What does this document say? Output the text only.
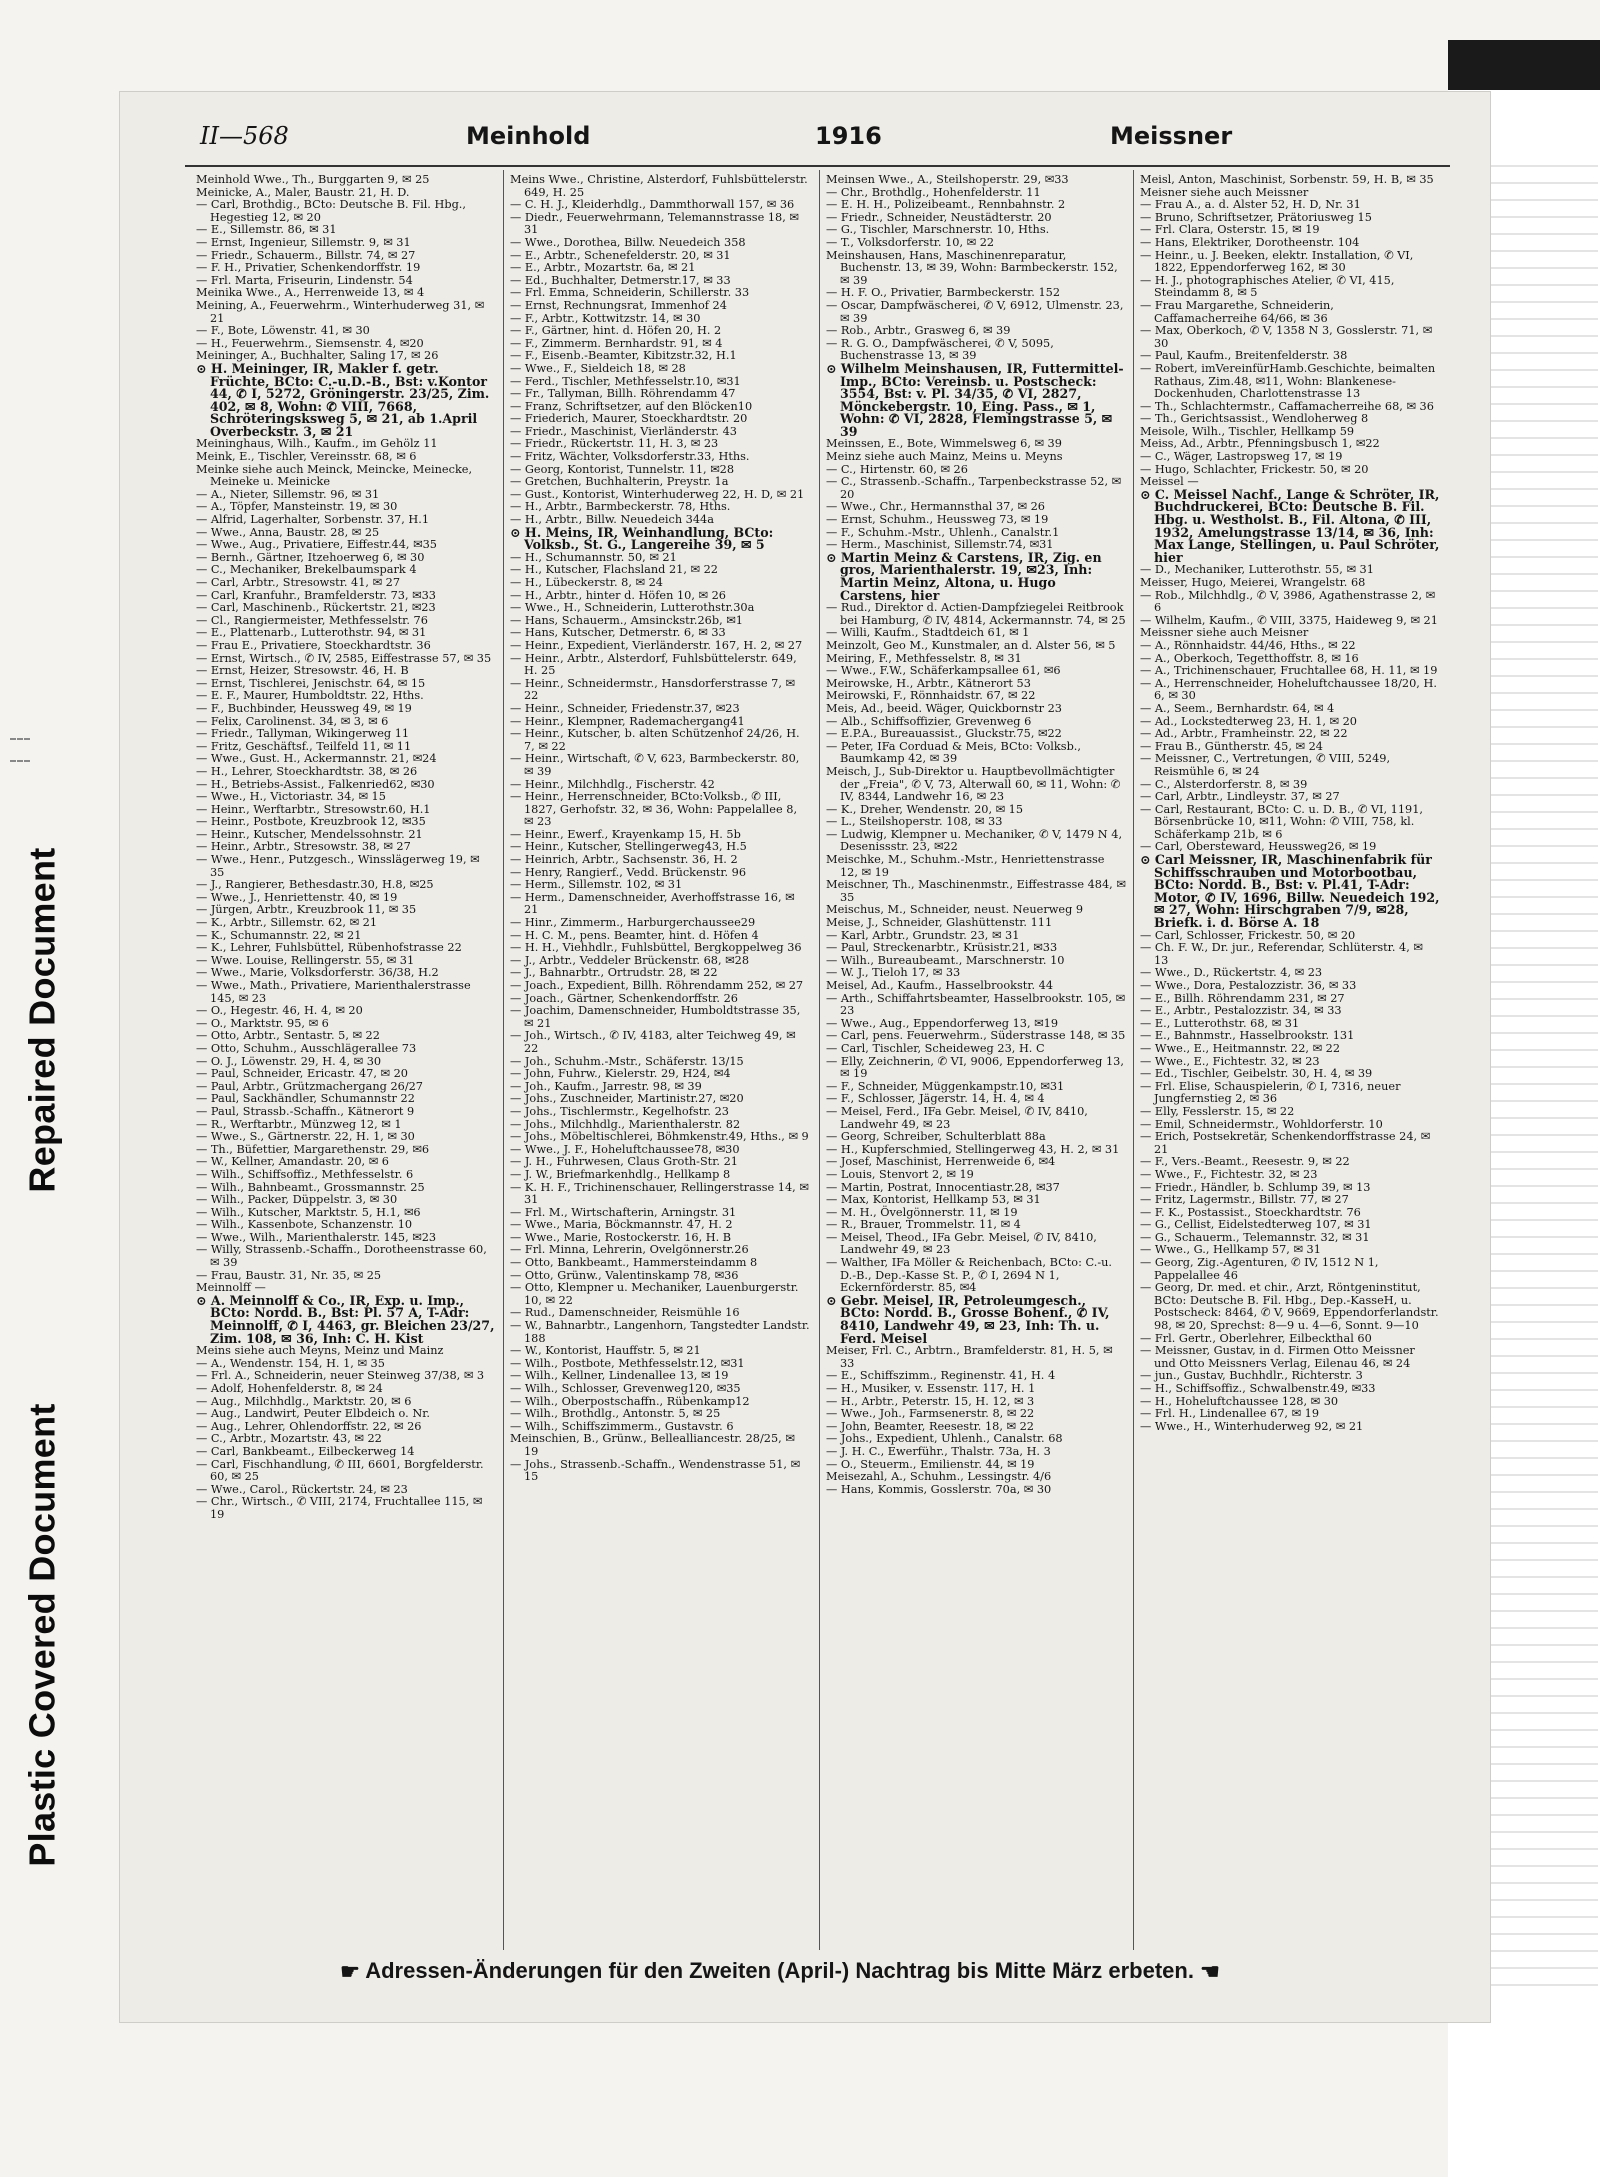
Plastic Covered Document
Repaired Document
II—568	Meinhold	1916	Meissner

Meinhold Wwe., Th., Burggarten 9, ✉ 25

Meinicke, A., Maler, Baustr. 21, H. D.

— Carl, Brothdig., BCto: Deutsche B. Fil. Hbg., Hegestieg 12, ✉ 20

— E., Sillemstr. 86, ✉ 31

— Ernst, Ingenieur, Sillemstr. 9, ✉ 31

— Friedr., Schauerm., Billstr. 74, ✉ 27

— F. H., Privatier, Schenkendorffstr. 19

— Frl. Marta, Friseurin, Lindenstr. 54

Meinika Wwe., A., Herrenweide 13, ✉ 4

Meining, A., Feuerwehrm., Winterhuderweg 31, ✉ 21

— F., Bote, Löwenstr. 41, ✉ 30

— H., Feuerwehrm., Siemsenstr. 4, ✉20

Meininger, A., Buchhalter, Saling 17, ✉ 26

⊙ H. Meininger, IR, Makler f. getr. Früchte, BCto: C.-u.D.-B., Bst: v.Kontor 44, ✆ I, 5272, Gröningerstr. 23/25, Zim. 402, ✉ 8, Wohn: ✆ VIII, 7668, Schröteringsksweg 5, ✉ 21, ab 1.April Overbeckstr. 3, ✉ 21

Meininghaus, Wilh., Kaufm., im Gehölz 11

Meink, E., Tischler, Vereinsstr. 68, ✉ 6

Meinke siehe auch Meinck, Meincke, Meinecke, Meineke u. Meinicke

— A., Nieter, Sillemstr. 96, ✉ 31

— A., Töpfer, Mansteinstr. 19, ✉ 30

— Alfrid, Lagerhalter, Sorbenstr. 37, H.1

— Wwe., Anna, Baustr. 28, ✉ 25

— Wwe., Aug., Privatiere, Eiffestr.44, ✉35

— Bernh., Gärtner, Itzehoerweg 6, ✉ 30

— C., Mechaniker, Brekelbaumspark 4

— Carl, Arbtr., Stresowstr. 41, ✉ 27

— Carl, Kranfuhr., Bramfelderstr. 73, ✉33

— Carl, Maschinenb., Rückertstr. 21, ✉23

— Cl., Rangiermeister, Methfesselstr. 76

— E., Plattenarb., Lutterothstr. 94, ✉ 31

— Frau E., Privatiere, Stoeckhardtstr. 36

— Ernst, Wirtsch., ✆ IV, 2585, Eiffestrasse 57, ✉ 35

— Ernst, Heizer, Stresowstr. 46, H. B

— Ernst, Tischlerei, Jenischstr. 64, ✉ 15

— E. F., Maurer, Humboldtstr. 22, Hths.

— F., Buchbinder, Heussweg 49, ✉ 19

— Felix, Carolinenst. 34, ✉ 3, ✉ 6

— Friedr., Tallyman, Wikingerweg 11

— Fritz, Geschäftsf., Teilfeld 11, ✉ 11

— Wwe., Gust. H., Ackermannstr. 21, ✉24

— H., Lehrer, Stoeckhardtstr. 38, ✉ 26

— H., Betriebs-Assist., Falkenried62, ✉30

— Wwe., H., Victoriastr. 34, ✉ 15

— Heinr., Werftarbtr., Stresowstr.60, H.1

— Heinr., Postbote, Kreuzbrook 12, ✉35

— Heinr., Kutscher, Mendelssohnstr. 21

— Heinr., Arbtr., Stresowstr. 38, ✉ 27

— Wwe., Henr., Putzgesch., Winsslägerweg 19, ✉ 35

— J., Rangierer, Bethesdastr.30, H.8, ✉25

— Wwe., J., Henriettenstr. 40, ✉ 19

— Jürgen, Arbtr., Kreuzbrook 11, ✉ 35

— K., Arbtr., Sillemstr. 62, ✉ 21

— K., Schumannstr. 22, ✉ 21

— K., Lehrer, Fuhlsbüttel, Rübenhofstrasse 22

— Wwe. Louise, Rellingerstr. 55, ✉ 31

— Wwe., Marie, Volksdorferstr. 36/38, H.2

— Wwe., Math., Privatiere, Marienthalerstrasse 145, ✉ 23

— O., Hegestr. 46, H. 4, ✉ 20

— O., Marktstr. 95, ✉ 6

— Otto, Arbtr., Sentastr. 5, ✉ 22

— Otto, Schuhm., Ausschlägerallee 73

— O. J., Löwenstr. 29, H. 4, ✉ 30

— Paul, Schneider, Ericastr. 47, ✉ 20

— Paul, Arbtr., Grützmachergang 26/27

— Paul, Sackhändler, Schumannstr 22

— Paul, Strassb.-Schaffn., Kätnerort 9

— R., Werftarbtr., Münzweg 12, ✉ 1

— Wwe., S., Gärtnerstr. 22, H. 1, ✉ 30

— Th., Büfettier, Margarethenstr. 29, ✉6

— W., Kellner, Amandastr. 20, ✉ 6

— Wilh., Schiffsoffiz., Methfesselstr. 6

— Wilh., Bahnbeamt., Grossmannstr. 25

— Wilh., Packer, Düppelstr. 3, ✉ 30

— Wilh., Kutscher, Marktstr. 5, H.1, ✉6

— Wilh., Kassenbote, Schanzenstr. 10

— Wwe., Wilh., Marienthalerstr. 145, ✉23

— Willy, Strassenb.-Schaffn., Dorotheenstrasse 60, ✉ 39

— Frau, Baustr. 31, Nr. 35, ✉ 25

Meinnolff —

⊙ A. Meinnolff & Co., IR, Exp. u. Imp., BCto: Nordd. B., Bst: Pl. 57 A, T-Adr: Meinnolff, ✆ I, 4463, gr. Bleichen 23/27, Zim. 108, ✉ 36, Inh: C. H. Kist

Meins siehe auch Meyns, Meinz und Mainz

— A., Wendenstr. 154, H. 1, ✉ 35

— Frl. A., Schneiderin, neuer Steinweg 37/38, ✉ 3

— Adolf, Hohenfelderstr. 8, ✉ 24

— Aug., Milchhdlg., Marktstr. 20, ✉ 6

— Aug., Landwirt, Peuter Elbdeich o. Nr.

— Aug., Lehrer, Ohlendorffstr. 22, ✉ 26

— C., Arbtr., Mozartstr. 43, ✉ 22

— Carl, Bankbeamt., Eilbeckerweg 14

— Carl, Fischhandlung, ✆ III, 6601, Borgfelderstr. 60, ✉ 25

— Wwe., Carol., Rückertstr. 24, ✉ 23

— Chr., Wirtsch., ✆ VIII, 2174, Fruchtallee 115, ✉ 19

Meins Wwe., Christine, Alsterdorf, Fuhlsbüttelerstr. 649, H. 25

— C. H. J., Kleiderhdlg., Dammthorwall 157, ✉ 36

— Diedr., Feuerwehrmann, Telemannstrasse 18, ✉ 31

— Wwe., Dorothea, Billw. Neuedeich 358

— E., Arbtr., Schenefelderstr. 20, ✉ 31

— E., Arbtr., Mozartstr. 6a, ✉ 21

— Ed., Buchhalter, Detmerstr.17, ✉ 33

— Frl. Emma, Schneiderin, Schillerstr. 33

— Ernst, Rechnungsrat, Immenhof 24

— F., Arbtr., Kottwitzstr. 14, ✉ 30

— F., Gärtner, hint. d. Höfen 20, H. 2

— F., Zimmerm. Bernhardstr. 91, ✉ 4

— F., Eisenb.-Beamter, Kibitzstr.32, H.1

— Wwe., F., Sieldeich 18, ✉ 28

— Ferd., Tischler, Methfesselstr.10, ✉31

— Fr., Tallyman, Billh. Röhrendamm 47

— Franz, Schriftsetzer, auf den Blöcken10

— Friederich, Maurer, Stoeckhardtstr. 20

— Friedr., Maschinist, Vierländerstr. 43

— Friedr., Rückertstr. 11, H. 3, ✉ 23

— Fritz, Wächter, Volksdorferstr.33, Hths.

— Georg, Kontorist, Tunnelstr. 11, ✉28

— Gretchen, Buchhalterin, Preystr. 1a

— Gust., Kontorist, Winterhuderweg 22, H. D, ✉ 21

— H., Arbtr., Barmbeckerstr. 78, Hths.

— H., Arbtr., Billw. Neuedeich 344a

⊙ H. Meins, IR, Weinhandlung, BCto: Volksb., St. G., Langereihe 39, ✉ 5

— H., Schumannstr. 50, ✉ 21

— H., Kutscher, Flachsland 21, ✉ 22

— H., Lübeckerstr. 8, ✉ 24

— H., Arbtr., hinter d. Höfen 10, ✉ 26

— Wwe., H., Schneiderin, Lutterothstr.30a

— Hans, Schauerm., Amsinckstr.26b, ✉1

— Hans, Kutscher, Detmerstr. 6, ✉ 33

— Heinr., Expedient, Vierländerstr. 167, H. 2, ✉ 27

— Heinr., Arbtr., Alsterdorf, Fuhlsbüttelerstr. 649, H. 25

— Heinr., Schneidermstr., Hansdorferstrasse 7, ✉ 22

— Heinr., Schneider, Friedenstr.37, ✉23

— Heinr., Klempner, Rademachergang41

— Heinr., Kutscher, b. alten Schützenhof 24/26, H. 7, ✉ 22

— Heinr., Wirtschaft, ✆ V, 623, Barmbeckerstr. 80, ✉ 39

— Heinr., Milchhdlg., Fischerstr. 42

— Heinr., Herrenschneider, BCto:Volksb., ✆ III, 1827, Gerhofstr. 32, ✉ 36, Wohn: Pappelallee 8, ✉ 23

— Heinr., Ewerf., Krayenkamp 15, H. 5b

— Heinr., Kutscher, Stellingerweg43, H.5

— Heinrich, Arbtr., Sachsenstr. 36, H. 2

— Henry, Rangierf., Vedd. Brückenstr. 96

— Herm., Sillemstr. 102, ✉ 31

— Herm., Damenschneider, Averhoffstrasse 16, ✉ 21

— Hinr., Zimmerm., Harburgerchaussee29

— H. C. M., pens. Beamter, hint. d. Höfen 4

— H. H., Viehhdlr., Fuhlsbüttel, Bergkoppelweg 36

— J., Arbtr., Veddeler Brückenstr. 68, ✉28

— J., Bahnarbtr., Ortrudstr. 28, ✉ 22

— Joach., Expedient, Billh. Röhrendamm 252, ✉ 27

— Joach., Gärtner, Schenkendorffstr. 26

— Joachim, Damenschneider, Humboldtstrasse 35, ✉ 21

— Joh., Wirtsch., ✆ IV, 4183, alter Teichweg 49, ✉ 22

— Joh., Schuhm.-Mstr., Schäferstr. 13/15

— John, Fuhrw., Kielerstr. 29, H24, ✉4

— Joh., Kaufm., Jarrestr. 98, ✉ 39

— Johs., Zuschneider, Martinistr.27, ✉20

— Johs., Tischlermstr., Kegelhofstr. 23

— Johs., Milchhdlg., Marienthalerstr. 82

— Johs., Möbeltischlerei, Böhmkenstr.49, Hths., ✉ 9

— Wwe., J. F., Hoheluftchaussee78, ✉30

— J. H., Fuhrwesen, Claus Groth-Str. 21

— J. W., Briefmarkenhdlg., Hellkamp 8

— K. H. F., Trichinenschauer, Rellingerstrasse 14, ✉ 31

— Frl. M., Wirtschafterin, Arningstr. 31

— Wwe., Maria, Böckmannstr. 47, H. 2

— Wwe., Marie, Rostockerstr. 16, H. B

— Frl. Minna, Lehrerin, Ovelgönnerstr.26

— Otto, Bankbeamt., Hammersteindamm 8

— Otto, Grünw., Valentinskamp 78, ✉36

— Otto, Klempner u. Mechaniker, Lauenburgerstr. 10, ✉ 22

— Rud., Damenschneider, Reismühle 16

— W., Bahnarbtr., Langenhorn, Tangstedter Landstr. 188

— W., Kontorist, Hauffstr. 5, ✉ 21

— Wilh., Postbote, Methfesselstr.12, ✉31

— Wilh., Kellner, Lindenallee 13, ✉ 19

— Wilh., Schlosser, Grevenweg120, ✉35

— Wilh., Oberpostschaffn., Rübenkamp12

— Wilh., Brothdlg., Antonstr. 5, ✉ 25

— Wilh., Schiffszimmerm., Gustavstr. 6

Meinschien, B., Grünw., Bellealliancestr. 28/25, ✉ 19

— Johs., Strassenb.-Schaffn., Wendenstrasse 51, ✉ 15

Meinsen Wwe., A., Steilshoperstr. 29, ✉33

— Chr., Brothdlg., Hohenfelderstr. 11

— E. H. H., Polizeibeamt., Rennbahnstr. 2

— Friedr., Schneider, Neustädterstr. 20

— G., Tischler, Marschnerstr. 10, Hths.

— T., Volksdorferstr. 10, ✉ 22

Meinshausen, Hans, Maschinenreparatur, Buchenstr. 13, ✉ 39, Wohn: Barmbeckerstr. 152, ✉ 39

— H. F. O., Privatier, Barmbeckerstr. 152

— Oscar, Dampfwäscherei, ✆ V, 6912, Ulmenstr. 23, ✉ 39

— Rob., Arbtr., Grasweg 6, ✉ 39

— R. G. O., Dampfwäscherei, ✆ V, 5095, Buchenstrasse 13, ✉ 39

⊙ Wilhelm Meinshausen, IR, Futtermittel-Imp., BCto: Vereinsb. u. Postscheck: 3554, Bst: v. Pl. 34/35, ✆ VI, 2827, Mönckebergstr. 10, Eing. Pass., ✉ 1, Wohn: ✆ VI, 2828, Flemingstrasse 5, ✉ 39

Meinssen, E., Bote, Wimmelsweg 6, ✉ 39

Meinz siehe auch Mainz, Meins u. Meyns

— C., Hirtenstr. 60, ✉ 26

— C., Strassenb.-Schaffn., Tarpenbeckstrasse 52, ✉ 20

— Wwe., Chr., Hermannsthal 37, ✉ 26

— Ernst, Schuhm., Heussweg 73, ✉ 19

— F., Schuhm.-Mstr., Uhlenh., Canalstr.1

— Herm., Maschinist, Sillemstr.74, ✉31

⊙ Martin Meinz & Carstens, IR, Zig. en gros, Marienthalerstr. 19, ✉23, Inh: Martin Meinz, Altona, u. Hugo Carstens, hier

— Rud., Direktor d. Actien-Dampfziegelei Reitbrook bei Hamburg, ✆ IV, 4814, Ackermannstr. 74, ✉ 25

— Willi, Kaufm., Stadtdeich 61, ✉ 1

Meinzolt, Geo M., Kunstmaler, an d. Alster 56, ✉ 5

Meiring, F., Methfesselstr. 8, ✉ 31

— Wwe., F.W., Schäferkampsallee 61, ✉6

Meirowske, H., Arbtr., Kätnerort 53

Meirowski, F., Rönnhaidstr. 67, ✉ 22

Meis, Ad., beeid. Wäger, Quickbornstr 23

— Alb., Schiffsoffizier, Grevenweg 6

— E.P.A., Bureauassist., Gluckstr.75, ✉22

— Peter, IFa Corduad & Meis, BCto: Volksb., Baumkamp 42, ✉ 39

Meisch, J., Sub-Direktor u. Hauptbevollmächtigter der „Freia", ✆ V, 73, Alterwall 60, ✉ 11, Wohn: ✆ IV, 8344, Landwehr 16, ✉ 23

— K., Dreher, Wendenstr. 20, ✉ 15

— L., Steilshoperstr. 108, ✉ 33

— Ludwig, Klempner u. Mechaniker, ✆ V, 1479 N 4, Desenissstr. 23, ✉22

Meischke, M., Schuhm.-Mstr., Henriettenstrasse 12, ✉ 19

Meischner, Th., Maschinenmstr., Eiffestrasse 484, ✉ 35

Meischus, M., Schneider, neust. Neuerweg 9

Meise, J., Schneider, Glashüttenstr. 111

— Karl, Arbtr., Grundstr. 23, ✉ 31

— Paul, Streckenarbtr., Krüsistr.21, ✉33

— Wilh., Bureaubeamt., Marschnerstr. 10

— W. J., Tieloh 17, ✉ 33

Meisel, Ad., Kaufm., Hasselbrookstr. 44

— Arth., Schiffahrtsbeamter, Hasselbrookstr. 105, ✉ 23

— Wwe., Aug., Eppendorferweg 13, ✉19

— Carl, pens. Feuerwehrm., Süderstrasse 148, ✉ 35

— Carl, Tischler, Scheideweg 23, H. C

— Elly, Zeichnerin, ✆ VI, 9006, Eppendorferweg 13, ✉ 19

— F., Schneider, Müggenkampstr.10, ✉31

— F., Schlosser, Jägerstr. 14, H. 4, ✉ 4

— Meisel, Ferd., IFa Gebr. Meisel, ✆ IV, 8410, Landwehr 49, ✉ 23

— Georg, Schreiber, Schulterblatt 88a

— H., Kupferschmied, Stellingerweg 43, H. 2, ✉ 31

— Josef, Maschinist, Herrenweide 6, ✉4

— Louis, Stenvort 2, ✉ 19

— Martin, Postrat, Innocentiastr.28, ✉37

— Max, Kontorist, Hellkamp 53, ✉ 31

— M. H., Övelgönnerstr. 11, ✉ 19

— R., Brauer, Trommelstr. 11, ✉ 4

— Meisel, Theod., IFa Gebr. Meisel, ✆ IV, 8410, Landwehr 49, ✉ 23

— Walther, IFa Möller & Reichenbach, BCto: C.-u. D.-B., Dep.-Kasse St. P., ✆ I, 2694 N 1, Eckernförderstr. 85, ✉4

⊙ Gebr. Meisel, IR, Petroleumgesch., BCto: Nordd. B., Grosse Bohenf., ✆ IV, 8410, Landwehr 49, ✉ 23, Inh: Th. u. Ferd. Meisel

Meiser, Frl. C., Arbtrn., Bramfelderstr. 81, H. 5, ✉ 33

— E., Schiffszimm., Reginenstr. 41, H. 4

— H., Musiker, v. Essenstr. 117, H. 1

— H., Arbtr., Peterstr. 15, H. 12, ✉ 3

— Wwe., Joh., Farmsenerstr. 8, ✉ 22

— John, Beamter, Reesestr. 18, ✉ 22

— Johs., Expedient, Uhlenh., Canalstr. 68

— J. H. C., Ewerführ., Thalstr. 73a, H. 3

— O., Steuerm., Emilienstr. 44, ✉ 19

Meisezahl, A., Schuhm., Lessingstr. 4/6

— Hans, Kommis, Gosslerstr. 70a, ✉ 30

Meisl, Anton, Maschinist, Sorbenstr. 59, H. B, ✉ 35

Meisner siehe auch Meissner

— Frau A., a. d. Alster 52, H. D, Nr. 31

— Bruno, Schriftsetzer, Prätoriusweg 15

— Frl. Clara, Osterstr. 15, ✉ 19

— Hans, Elektriker, Dorotheenstr. 104

— Heinr., u. J. Beeken, elektr. Installation, ✆ VI, 1822, Eppendorferweg 162, ✉ 30

— H. J., photographisches Atelier, ✆ VI, 415, Steindamm 8, ✉ 5

— Frau Margarethe, Schneiderin, Caffamacherreihe 64/66, ✉ 36

— Max, Oberkoch, ✆ V, 1358 N 3, Gosslerstr. 71, ✉ 30

— Paul, Kaufm., Breitenfelderstr. 38

— Robert, imVereinfürHamb.Geschichte, beimalten Rathaus, Zim.48, ✉11, Wohn: Blankenese-Dockenhuden, Charlottenstrasse 13

— Th., Schlachtermstr., Caffamacherreihe 68, ✉ 36

— Th., Gerichtsassist., Wendloherweg 8

Meisole, Wilh., Tischler, Hellkamp 59

Meiss, Ad., Arbtr., Pfenningsbusch 1, ✉22

— C., Wäger, Lastropsweg 17, ✉ 19

— Hugo, Schlachter, Frickestr. 50, ✉ 20

Meissel —

⊙ C. Meissel Nachf., Lange & Schröter, IR, Buchdruckerei, BCto: Deutsche B. Fil. Hbg. u. Westholst. B., Fil. Altona, ✆ III, 1932, Amelungstrasse 13/14, ✉ 36, Inh: Max Lange, Stellingen, u. Paul Schröter, hier

— D., Mechaniker, Lutterothstr. 55, ✉ 31

Meisser, Hugo, Meierei, Wrangelstr. 68

— Rob., Milchhdlg., ✆ V, 3986, Agathenstrasse 2, ✉ 6

— Wilhelm, Kaufm., ✆ VIII, 3375, Haideweg 9, ✉ 21

Meissner siehe auch Meisner

— A., Rönnhaidstr. 44/46, Hths., ✉ 22

— A., Oberkoch, Tegetthoffstr. 8, ✉ 16

— A., Trichinenschauer, Fruchtallee 68, H. 11, ✉ 19

— A., Herrenschneider, Hoheluftchaussee 18/20, H. 6, ✉ 30

— A., Seem., Bernhardstr. 64, ✉ 4

— Ad., Lockstedterweg 23, H. 1, ✉ 20

— Ad., Arbtr., Framheinstr. 22, ✉ 22

— Frau B., Güntherstr. 45, ✉ 24

— Meissner, C., Vertretungen, ✆ VIII, 5249, Reismühle 6, ✉ 24

— C., Alsterdorferstr. 8, ✉ 39

— Carl, Arbtr., Lindleystr. 37, ✉ 27

— Carl, Restaurant, BCto: C. u. D. B., ✆ VI, 1191, Börsenbrücke 10, ✉11, Wohn: ✆ VIII, 758, kl. Schäferkamp 21b, ✉ 6

— Carl, Obersteward, Heussweg26, ✉ 19

⊙ Carl Meissner, IR, Maschinenfabrik für Schiffsschrauben und Motorbootbau, BCto: Nordd. B., Bst: v. Pl.41, T-Adr: Motor, ✆ IV, 1696, Billw. Neuedeich 192, ✉ 27, Wohn: Hirschgraben 7/9, ✉28, Briefk. i. d. Börse A. 18

— Carl, Schlosser, Frickestr. 50, ✉ 20

— Ch. F. W., Dr. jur., Referendar, Schlüterstr. 4, ✉ 13

— Wwe., D., Rückertstr. 4, ✉ 23

— Wwe., Dora, Pestalozzistr. 36, ✉ 33

— E., Billh. Röhrendamm 231, ✉ 27

— E., Arbtr., Pestalozzistr. 34, ✉ 33

— E., Lutterothstr. 68, ✉ 31

— E., Bahnmstr., Hasselbrookstr. 131

— Wwe., E., Heitmannstr. 22, ✉ 22

— Wwe., E., Fichtestr. 32, ✉ 23

— Ed., Tischler, Geibelstr. 30, H. 4, ✉ 39

— Frl. Elise, Schauspielerin, ✆ I, 7316, neuer Jungfernstieg 2, ✉ 36

— Elly, Fesslerstr. 15, ✉ 22

— Emil, Schneidermstr., Wohldorferstr. 10

— Erich, Postsekretär, Schenkendorffstrasse 24, ✉ 21

— F., Vers.-Beamt., Reesestr. 9, ✉ 22

— Wwe., F., Fichtestr. 32, ✉ 23

— Friedr., Händler, b. Schlump 39, ✉ 13

— Fritz, Lagermstr., Billstr. 77, ✉ 27

— F. K., Postassist., Stoeckhardtstr. 76

— G., Cellist, Eidelstedterweg 107, ✉ 31

— G., Schauerm., Telemannstr. 32, ✉ 31

— Wwe., G., Hellkamp 57, ✉ 31

— Georg, Zig.-Agenturen, ✆ IV, 1512 N 1, Pappelallee 46

— Georg, Dr. med. et chir., Arzt, Röntgeninstitut, BCto: Deutsche B. Fil. Hbg., Dep.-KasseH, u. Postscheck: 8464, ✆ V, 9669, Eppendorferlandstr. 98, ✉ 20, Sprechst: 8—9 u. 4—6, Sonnt. 9—10

— Frl. Gertr., Oberlehrer, Eilbeckthal 60

— Meissner, Gustav, in d. Firmen Otto Meissner und Otto Meissners Verlag, Eilenau 46, ✉ 24

— jun., Gustav, Buchhdlr., Richterstr. 3

— H., Schiffsoffiz., Schwalbenstr.49, ✉33

— H., Hoheluftchaussee 128, ✉ 30

— Frl. H., Lindenallee 67, ✉ 19

— Wwe., H., Winterhuderweg 92, ✉ 21

☛ Adressen-Änderungen für den Zweiten (April-) Nachtrag bis Mitte März erbeten. ☚
